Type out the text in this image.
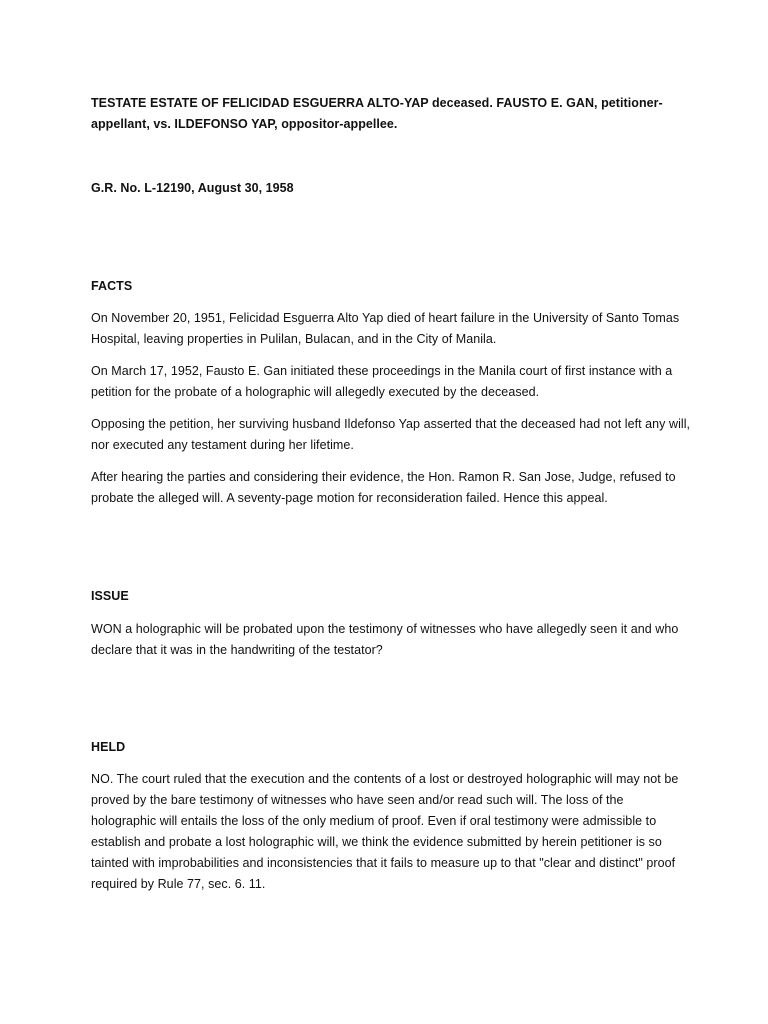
TESTATE ESTATE OF FELICIDAD ESGUERRA ALTO-YAP deceased. FAUSTO E. GAN, petitioner-appellant, vs. ILDEFONSO YAP, oppositor-appellee.

G.R. No. L-12190, August 30, 1958

FACTS

On November 20, 1951, Felicidad Esguerra Alto Yap died of heart failure in the University of Santo Tomas Hospital, leaving properties in Pulilan, Bulacan, and in the City of Manila.

On March 17, 1952, Fausto E. Gan initiated these proceedings in the Manila court of first instance with a petition for the probate of a holographic will allegedly executed by the deceased.

Opposing the petition, her surviving husband Ildefonso Yap asserted that the deceased had not left any will, nor executed any testament during her lifetime.

After hearing the parties and considering their evidence, the Hon. Ramon R. San Jose, Judge, refused to probate the alleged will. A seventy-page motion for reconsideration failed. Hence this appeal.

ISSUE

WON a holographic will be probated upon the testimony of witnesses who have allegedly seen it and who declare that it was in the handwriting of the testator?

HELD

NO. The court ruled that the execution and the contents of a lost or destroyed holographic will may not be proved by the bare testimony of witnesses who have seen and/or read such will. The loss of the holographic will entails the loss of the only medium of proof. Even if oral testimony were admissible to establish and probate a lost holographic will, we think the evidence submitted by herein petitioner is so tainted with improbabilities and inconsistencies that it fails to measure up to that "clear and distinct" proof required by Rule 77, sec. 6. 11.
